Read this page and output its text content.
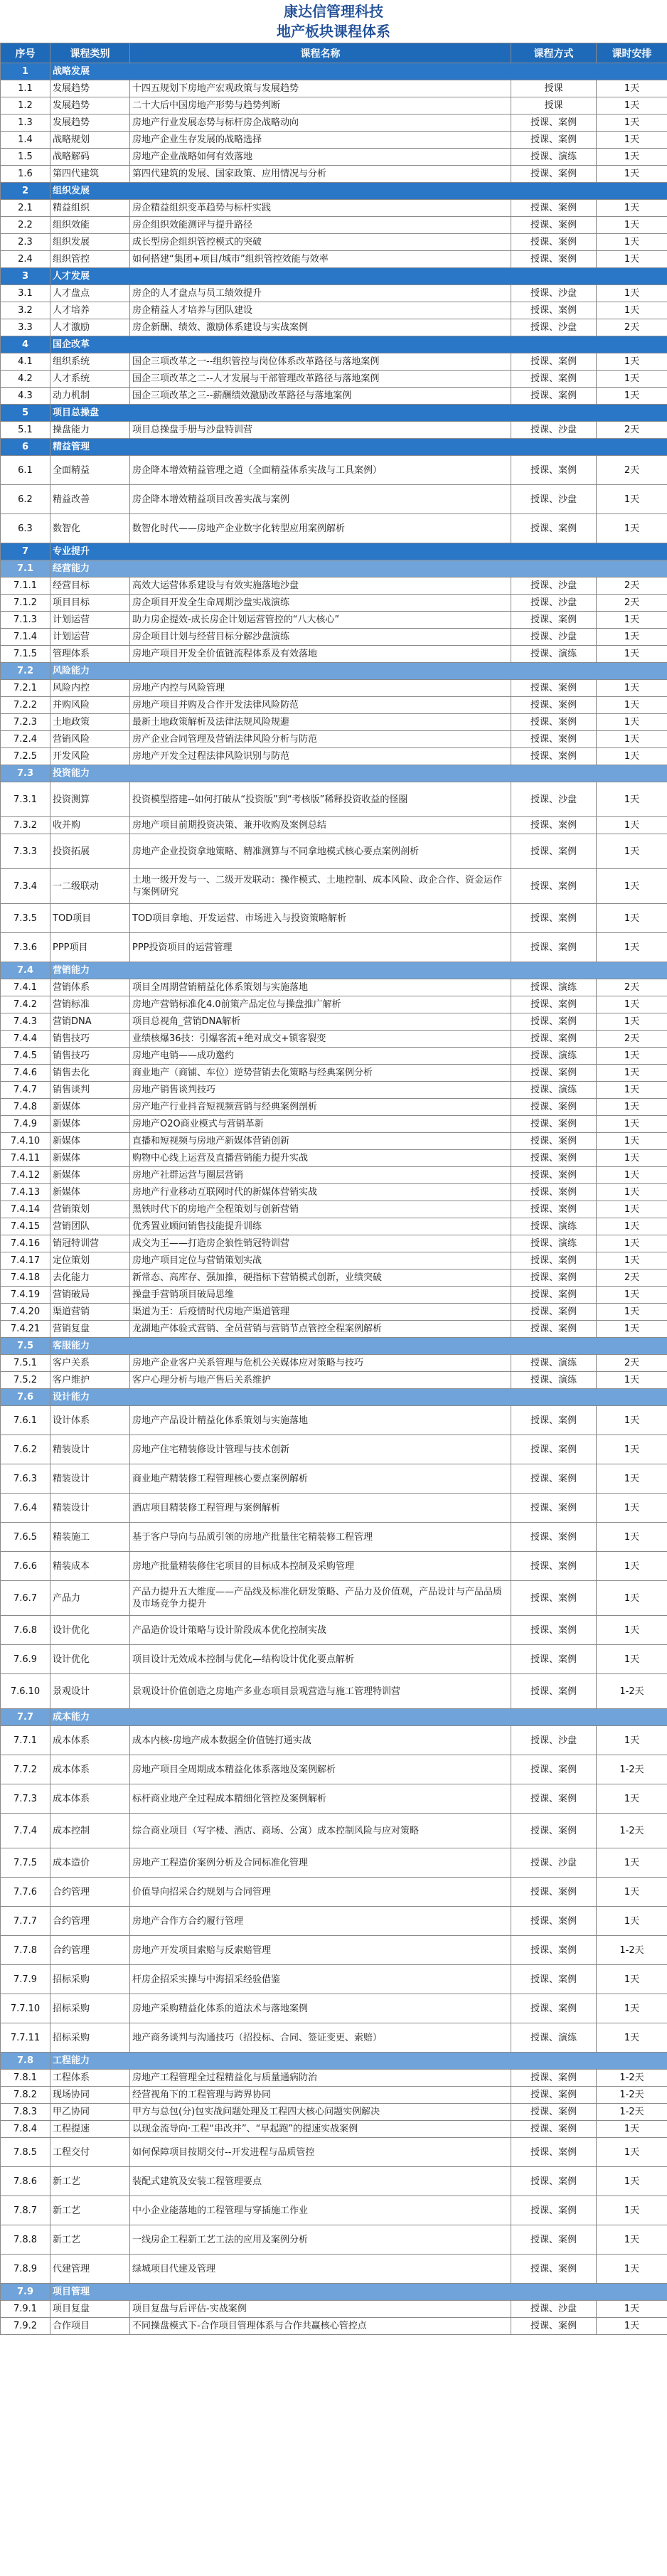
康达信管理科技
地产板块课程体系
序号	课程类别	课程名称	课程方式	课时安排
1	战略发展			
1.1	发展趋势	十四五规划下房地产宏观政策与发展趋势	授课	1天
1.2	发展趋势	二十大后中国房地产形势与趋势判断	授课	1天
1.3	发展趋势	房地产行业发展态势与标杆房企战略动向	授课、案例	1天
1.4	战略规划	房地产企业生存发展的战略选择	授课、案例	1天
1.5	战略解码	房地产企业战略如何有效落地	授课、演练	1天
1.6	第四代建筑	第四代建筑的发展、国家政策、应用情况与分析	授课、案例	1天
2	组织发展			
2.1	精益组织	房企精益组织变革趋势与标杆实践	授课、案例	1天
2.2	组织效能	房企组织效能测评与提升路径	授课、案例	1天
2.3	组织发展	成长型房企组织管控模式的突破	授课、案例	1天
2.4	组织管控	如何搭建“集团+项目/城市”组织管控效能与效率	授课、案例	1天
3	人才发展			
3.1	人才盘点	房企的人才盘点与员工绩效提升	授课、沙盘	1天
3.2	人才培养	房企精益人才培养与团队建设	授课、案例	1天
3.3	人才激励	房企新酬、绩效、激励体系建设与实战案例	授课、沙盘	2天
4	国企改革			
4.1	组织系统	国企三项改革之一--组织管控与岗位体系改革路径与落地案例	授课、案例	1天
4.2	人才系统	国企三项改革之二--人才发展与干部管理改革路径与落地案例	授课、案例	1天
4.3	动力机制	国企三项改革之三--薪酬绩效激励改革路径与落地案例	授课、案例	1天
5	项目总操盘			
5.1	操盘能力	项目总操盘手册与沙盘特训营	授课、沙盘	2天
6	精益管理			
6.1	全面精益	房企降本增效精益管理之道（全面精益体系实战与工具案例）	授课、案例	2天
6.2	精益改善	房企降本增效精益项目改善实战与案例	授课、沙盘	1天
6.3	数智化	数智化时代——房地产企业数字化转型应用案例解析	授课、案例	1天
7	专业提升			
7.1	经营能力			
7.1.1	经营目标	高效大运营体系建设与有效实施落地沙盘	授课、沙盘	2天
7.1.2	项目目标	房企项目开发全生命周期沙盘实战演练	授课、沙盘	2天
7.1.3	计划运营	助力房企提效-成长房企计划运营管控的“八大核心”	授课、案例	1天
7.1.4	计划运营	房企项目计划与经营目标分解沙盘演练	授课、沙盘	1天
7.1.5	管理体系	房地产项目开发全价值链流程体系及有效落地	授课、演练	1天
7.2	风险能力			
7.2.1	风险内控	房地产内控与风险管理	授课、案例	1天
7.2.2	并购风险	房地产项目并购及合作开发法律风险防范	授课、案例	1天
7.2.3	土地政策	最新土地政策解析及法律法规风险规避	授课、案例	1天
7.2.4	营销风险	房产企业合同管理及营销法律风险分析与防范	授课、案例	1天
7.2.5	开发风险	房地产开发全过程法律风险识别与防范	授课、案例	1天
7.3	投资能力			
7.3.1	投资测算	投资模型搭建--如何打破从“投资版”到“考核版”稀释投资收益的怪圈	授课、沙盘	1天
7.3.2	收并购	房地产项目前期投资决策、兼并收购及案例总结	授课、案例	1天
7.3.3	投资拓展	房地产企业投资拿地策略、精准测算与不同拿地模式核心要点案例剖析	授课、案例	1天
7.3.4	一二级联动	土地一级开发与一、二级开发联动：操作模式、土地控制、成本风险、政企合作、资金运作与案例研究	授课、案例	1天
7.3.5	TOD项目	TOD项目拿地、开发运营、市场进入与投资策略解析	授课、案例	1天
7.3.6	PPP项目	PPP投资项目的运营管理	授课、案例	1天
7.4	营销能力			
7.4.1	营销体系	项目全周期营销精益化体系策划与实施落地	授课、演练	2天
7.4.2	营销标准	房地产营销标准化4.0前策产品定位与操盘推广解析	授课、案例	1天
7.4.3	营销DNA	项目总视角_营销DNA解析	授课、案例	1天
7.4.4	销售技巧	业绩核爆36技：引爆客流+绝对成交+锁客裂变	授课、案例	2天
7.4.5	销售技巧	房地产电销——成功邀约	授课、演练	1天
7.4.6	销售去化	商业地产（商铺、车位）逆势营销去化策略与经典案例分析	授课、案例	1天
7.4.7	销售谈判	房地产销售谈判技巧	授课、演练	1天
7.4.8	新媒体	房产地产行业抖音短视频营销与经典案例剖析	授课、案例	1天
7.4.9	新媒体	房地产O2O商业模式与营销革新	授课、案例	1天
7.4.10	新媒体	直播和短视频与房地产新媒体营销创新	授课、案例	1天
7.4.11	新媒体	购物中心线上运营及直播营销能力提升实战	授课、案例	1天
7.4.12	新媒体	房地产社群运营与圈层营销	授课、案例	1天
7.4.13	新媒体	房地产行业移动互联网时代的新媒体营销实战	授课、案例	1天
7.4.14	营销策划	黑铁时代下的房地产全程策划与创新营销	授课、案例	1天
7.4.15	营销团队	优秀置业顾问销售技能提升训练	授课、演练	1天
7.4.16	销冠特训营	成交为王——打造房企狼性销冠特训营	授课、演练	1天
7.4.17	定位策划	房地产项目定位与营销策划实战	授课、案例	1天
7.4.18	去化能力	新常态、高库存、强加推，硬指标下营销模式创新，业绩突破	授课、案例	2天
7.4.19	营销破局	操盘手营销项目破局思维	授课、案例	1天
7.4.20	渠道营销	渠道为王：后疫情时代房地产渠道管理	授课、案例	1天
7.4.21	营销复盘	龙湖地产体验式营销、全员营销与营销节点管控全程案例解析	授课、案例	1天
7.5	客服能力			
7.5.1	客户关系	房地产企业客户关系管理与危机公关媒体应对策略与技巧	授课、演练	2天
7.5.2	客户维护	客户心理分析与地产售后关系维护	授课、演练	1天
7.6	设计能力			
7.6.1	设计体系	房地产产品设计精益化体系策划与实施落地	授课、案例	1天
7.6.2	精装设计	房地产住宅精装修设计管理与技术创新	授课、案例	1天
7.6.3	精装设计	商业地产精装修工程管理核心要点案例解析	授课、案例	1天
7.6.4	精装设计	酒店项目精装修工程管理与案例解析	授课、案例	1天
7.6.5	精装施工	基于客户导向与品质引领的房地产批量住宅精装修工程管理	授课、案例	1天
7.6.6	精装成本	房地产批量精装修住宅项目的目标成本控制及采购管理	授课、案例	1天
7.6.7	产品力	产品力提升五大维度——产品线及标准化研发策略、产品力及价值观，产品设计与产品品质及市场竞争力提升	授课、案例	1天
7.6.8	设计优化	产品造价设计策略与设计阶段成本优化控制实战	授课、案例	1天
7.6.9	设计优化	项目设计无效成本控制与优化—结构设计优化要点解析	授课、案例	1天
7.6.10	景观设计	景观设计价值创造之房地产多业态项目景观营造与施工管理特训营	授课、案例	1-2天
7.7	成本能力			
7.7.1	成本体系	成本内核-房地产成本数据全价值链打通实战	授课、沙盘	1天
7.7.2	成本体系	房地产项目全周期成本精益化体系落地及案例解析	授课、案例	1-2天
7.7.3	成本体系	标杆商业地产全过程成本精细化管控及案例解析	授课、案例	1天
7.7.4	成本控制	综合商业项目（写字楼、酒店、商场、公寓）成本控制风险与应对策略	授课、案例	1-2天
7.7.5	成本造价	房地产工程造价案例分析及合同标准化管理	授课、沙盘	1天
7.7.6	合约管理	价值导向招采合约规划与合同管理	授课、案例	1天
7.7.7	合约管理	房地产合作方合约履行管理	授课、案例	1天
7.7.8	合约管理	房地产开发项目索赔与反索赔管理	授课、案例	1-2天
7.7.9	招标采购	杆房企招采实操与中海招采经验借鉴	授课、案例	1天
7.7.10	招标采购	房地产采购精益化体系的道法术与落地案例	授课、案例	1天
7.7.11	招标采购	地产商务谈判与沟通技巧（招投标、合同、签证变更、索赔）	授课、演练	1天
7.8	工程能力			
7.8.1	工程体系	房地产工程管理全过程精益化与质量通病防治	授课、案例	1-2天
7.8.2	现场协同	经营视角下的工程管理与跨界协同	授课、案例	1-2天
7.8.3	甲乙协同	甲方与总包(分)包实战问题处理及工程四大核心问题实例解决	授课、案例	1-2天
7.8.4	工程提速	以现金流导向·工程“串改并”、“早起跑”的提速实战案例	授课、案例	1天
7.8.5	工程交付	如何保障项目按期交付--开发进程与品质管控	授课、案例	1天
7.8.6	新工艺	装配式建筑及安装工程管理要点	授课、案例	1天
7.8.7	新工艺	中小企业能落地的工程管理与穿插施工作业	授课、案例	1天
7.8.8	新工艺	一线房企工程新工艺工法的应用及案例分析	授课、案例	1天
7.8.9	代建管理	绿城项目代建及管理	授课、案例	1天
7.9	项目管理			
7.9.1	项目复盘	项目复盘与后评估-实战案例	授课、沙盘	1天
7.9.2	合作项目	不同操盘模式下-合作项目管理体系与合作共赢核心管控点	授课、案例	1天
